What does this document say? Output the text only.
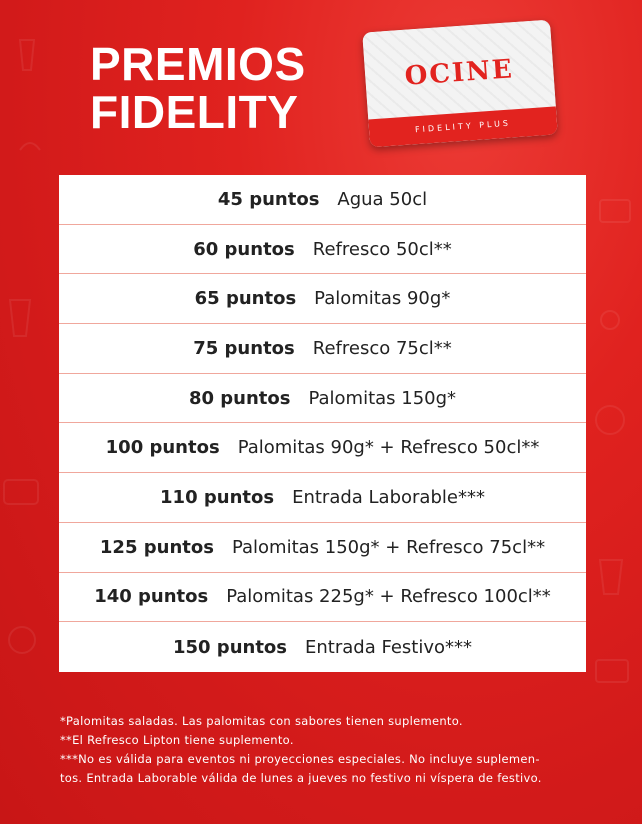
PREMIOS
FIDELITY
OCINE
FIDELITY PLUS
45 puntos Agua 50cl
60 puntos Refresco 50cl**
65 puntos Palomitas 90g*
75 puntos Refresco 75cl**
80 puntos Palomitas 150g*
100 puntos Palomitas 90g* + Refresco 50cl**
110 puntos Entrada Laborable***
125 puntos Palomitas 150g* + Refresco 75cl**
140 puntos Palomitas 225g* + Refresco 100cl**
150 puntos Entrada Festivo***
*Palomitas saladas. Las palomitas con sabores tienen suplemento.
**El Refresco Lipton tiene suplemento.
***No es válida para eventos ni proyecciones especiales. No incluye suplemen-
tos. Entrada Laborable válida de lunes a jueves no festivo ni víspera de festivo.
